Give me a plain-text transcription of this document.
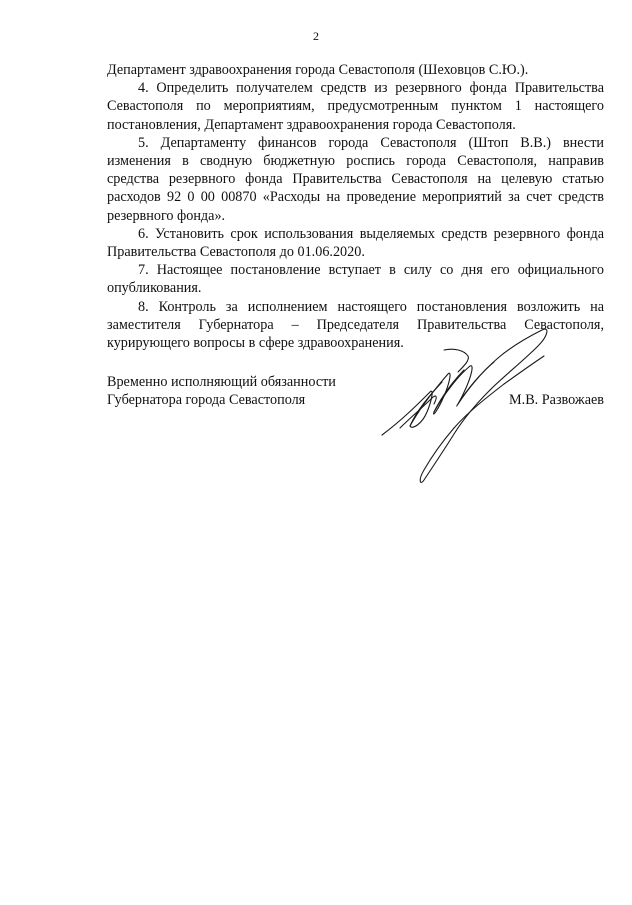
2

Департамент здравоохранения города Севастополя (Шеховцов С.Ю.).

4. Определить получателем средств из резервного фонда Правительства Севастополя по мероприятиям, предусмотренным пунктом 1 настоящего постановления, Департамент здравоохранения города Севастополя.

5. Департаменту финансов города Севастополя (Штоп В.В.) внести изменения в сводную бюджетную роспись города Севастополя, направив средства резервного фонда Правительства Севастополя на целевую статью расходов 92 0 00 00870 «Расходы на проведение мероприятий за счет средств резервного фонда».

6. Установить срок использования выделяемых средств резервного фонда Правительства Севастополя до 01.06.2020.

7. Настоящее постановление вступает в силу со дня его официального опубликования.

8. Контроль за исполнением настоящего постановления возложить на заместителя Губернатора – Председателя Правительства Севастополя, курирующего вопросы в сфере здравоохранения.

Временно исполняющий обязанности
Губернатора города Севастополя	М.В. Развожаев
